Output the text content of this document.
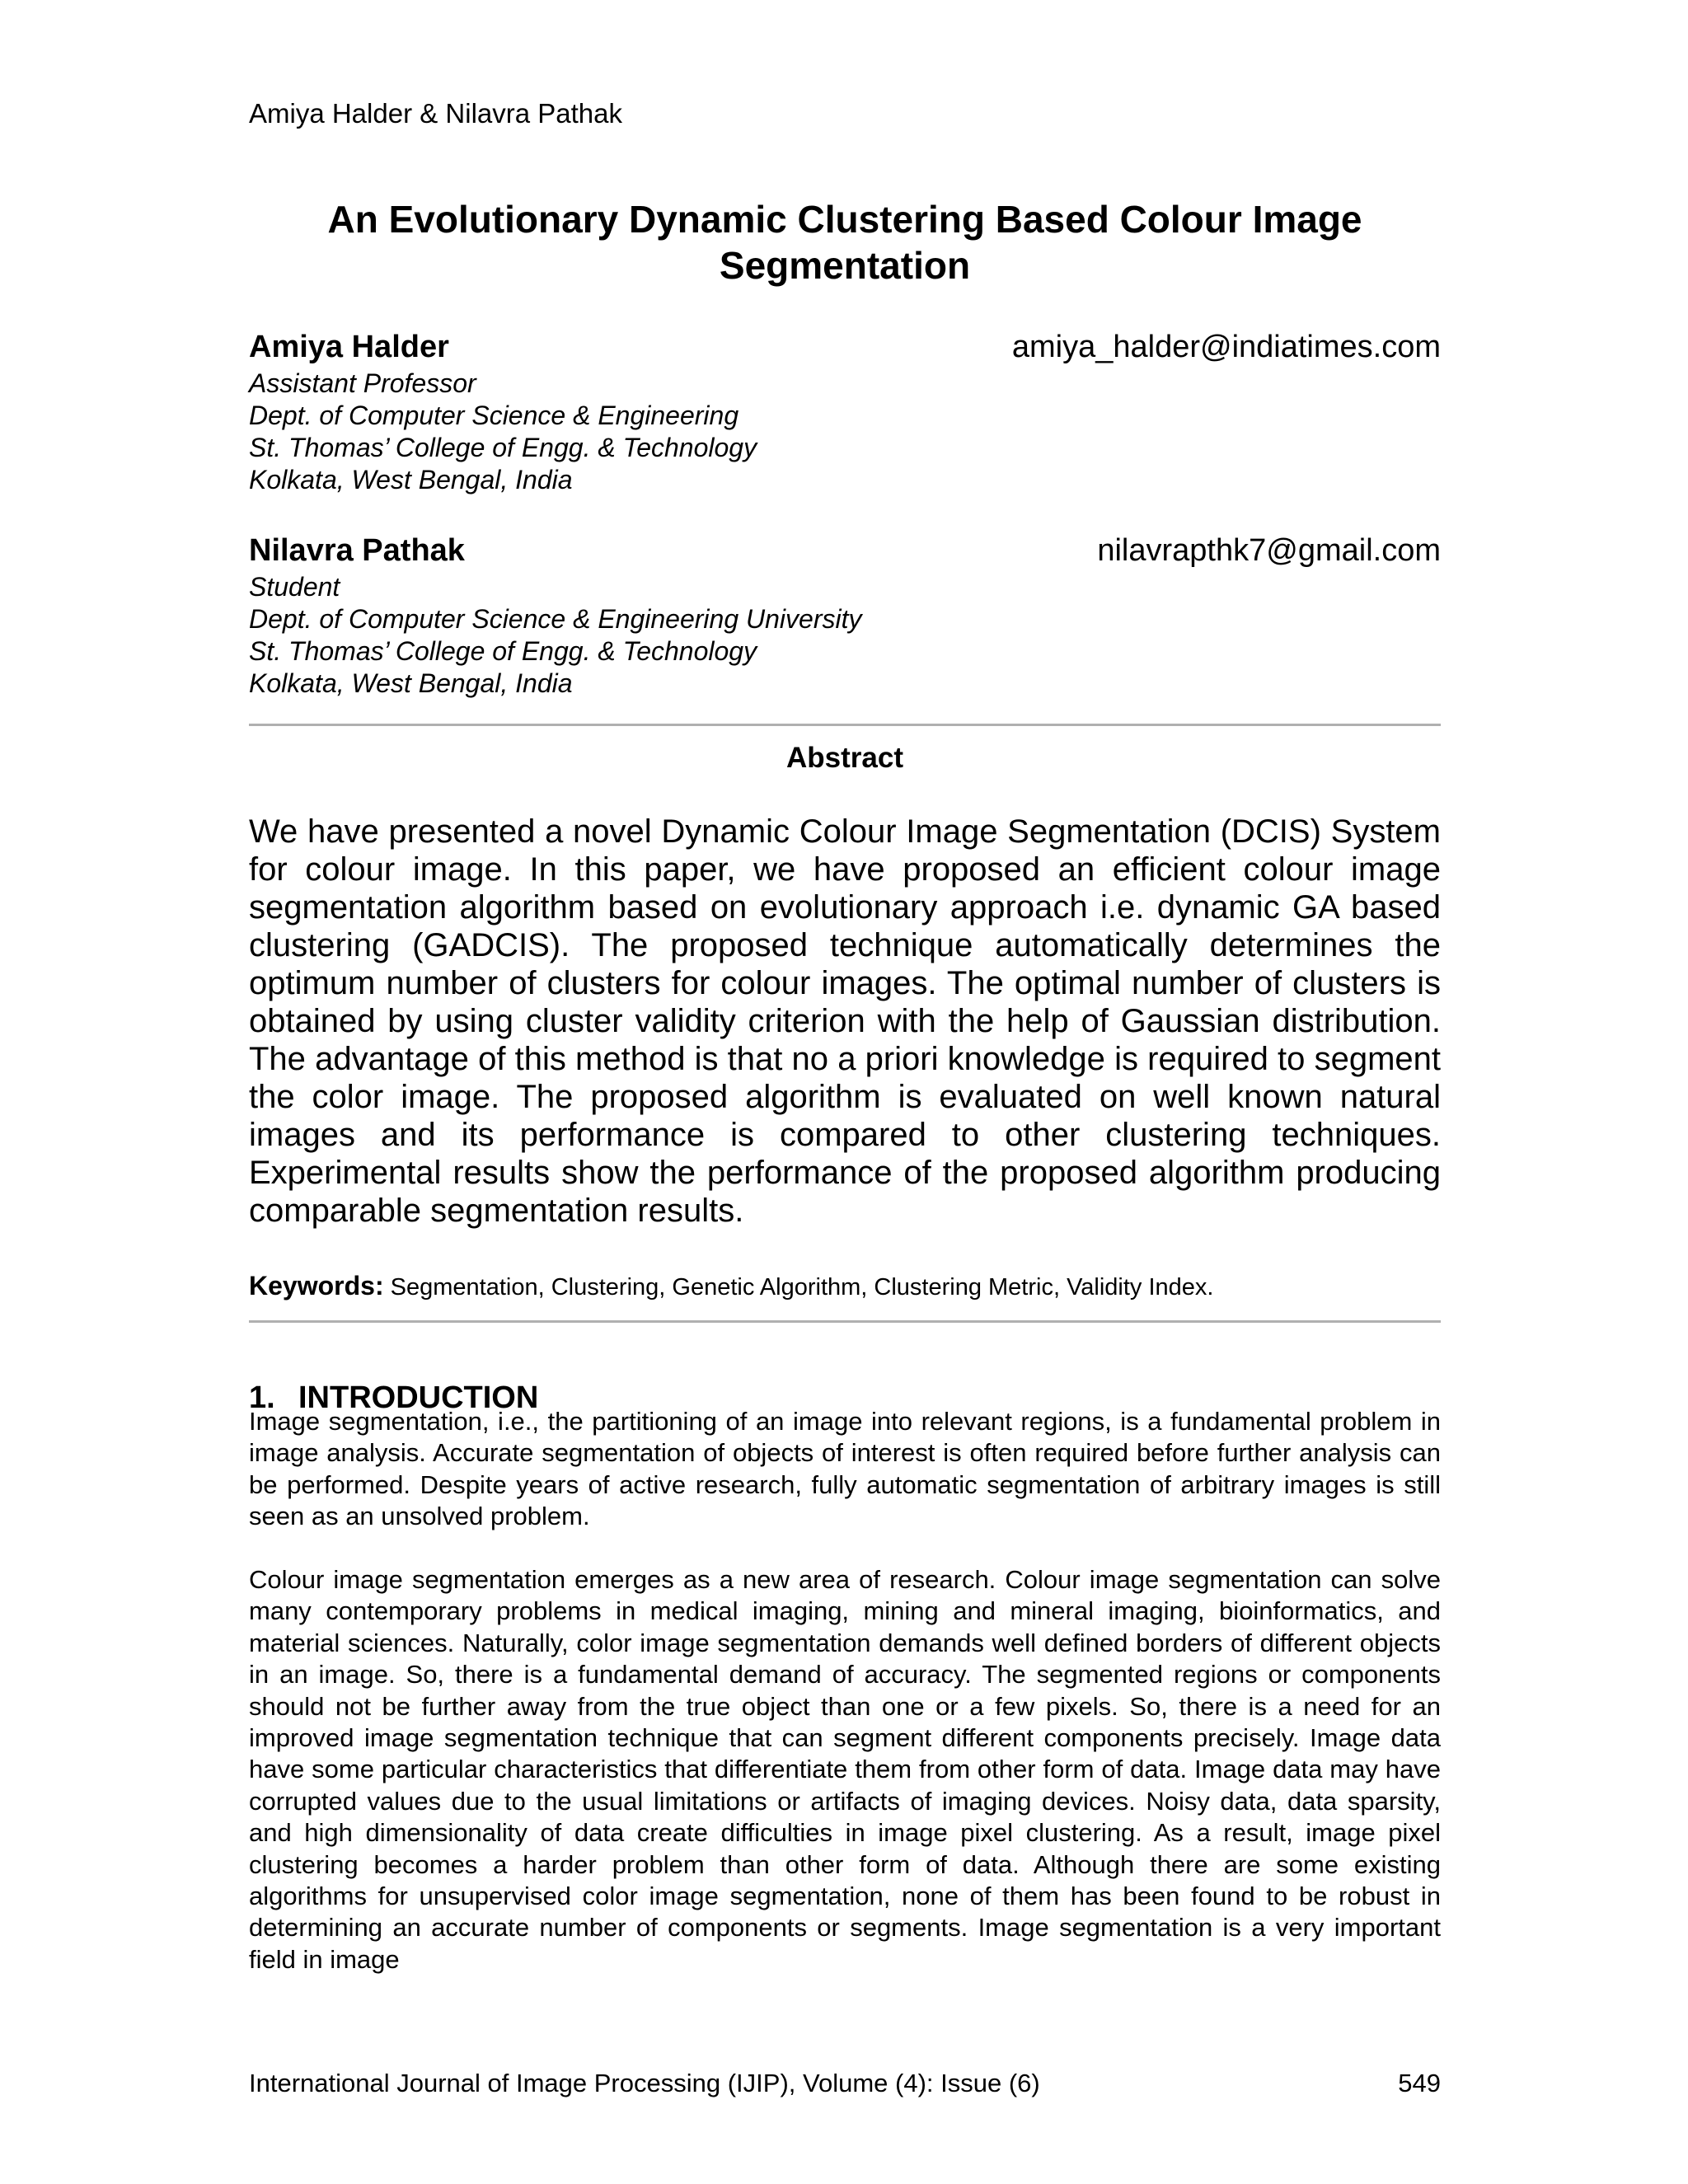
Amiya Halder & Nilavra Pathak
An Evolutionary Dynamic Clustering Based Colour Image
Segmentation
Amiya Halder	amiya_halder@indiatimes.com
Assistant Professor
Dept. of Computer Science & Engineering
St. Thomas’ College of Engg. & Technology
Kolkata, West Bengal, India
Nilavra Pathak	nilavrapthk7@gmail.com
Student
Dept. of Computer Science & Engineering University
St. Thomas’ College of Engg. & Technology
Kolkata, West Bengal, India
Abstract
We have presented a novel Dynamic Colour Image Segmentation (DCIS) System for colour image. In this paper, we have proposed an efficient colour image segmentation algorithm based on evolutionary approach i.e. dynamic GA based clustering (GADCIS). The proposed technique automatically determines the optimum number of clusters for colour images. The optimal number of clusters is obtained by using cluster validity criterion with the help of Gaussian distribution. The advantage of this method is that no a priori knowledge is required to segment the color image. The proposed algorithm is evaluated on well known natural images and its performance is compared to other clustering techniques. Experimental results show the performance of the proposed algorithm producing comparable segmentation results.
Keywords: Segmentation, Clustering, Genetic Algorithm, Clustering Metric, Validity Index.
1. INTRODUCTION
Image segmentation, i.e., the partitioning of an image into relevant regions, is a fundamental problem in image analysis. Accurate segmentation of objects of interest is often required before further analysis can be performed. Despite years of active research, fully automatic segmentation of arbitrary images is still seen as an unsolved problem.
Colour image segmentation emerges as a new area of research. Colour image segmentation can solve many contemporary problems in medical imaging, mining and mineral imaging, bioinformatics, and material sciences. Naturally, color image segmentation demands well defined borders of different objects in an image. So, there is a fundamental demand of accuracy. The segmented regions or components should not be further away from the true object than one or a few pixels. So, there is a need for an improved image segmentation technique that can segment different components precisely. Image data have some particular characteristics that differentiate them from other form of data. Image data may have corrupted values due to the usual limitations or artifacts of imaging devices. Noisy data, data sparsity, and high dimensionality of data create difficulties in image pixel clustering. As a result, image pixel clustering becomes a harder problem than other form of data. Although there are some existing algorithms for unsupervised color image segmentation, none of them has been found to be robust in determining an accurate number of components or segments. Image segmentation is a very important field in image
International Journal of Image Processing (IJIP), Volume (4): Issue (6)	549
